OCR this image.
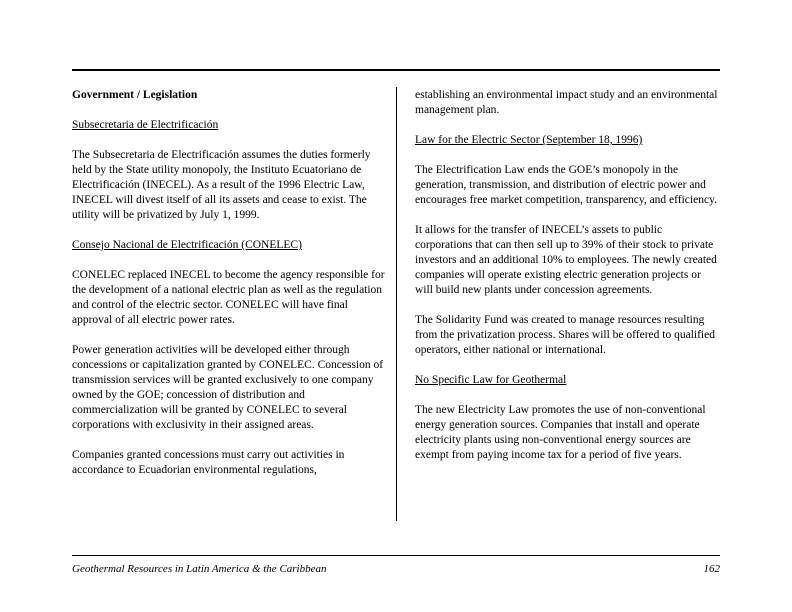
Government / Legislation
Subsecretaria de Electrificación

The Subsecretaria de Electrificación assumes the duties formerly held by the State utility monopoly, the Instituto Ecuatoriano de Electrificación (INECEL). As a result of the 1996 Electric Law, INECEL will divest itself of all its assets and cease to exist. The utility will be privatized by July 1, 1999.

Consejo Nacional de Electrificación (CONELEC)

CONELEC replaced INECEL to become the agency responsible for the development of a national electric plan as well as the regulation and control of the electric sector. CONELEC will have final approval of all electric power rates.

Power generation activities will be developed either through concessions or capitalization granted by CONELEC. Concession of transmission services will be granted exclusively to one company owned by the GOE; concession of distribution and commercialization will be granted by CONELEC to several corporations with exclusivity in their assigned areas.

Companies granted concessions must carry out activities in accordance to Ecuadorian environmental regulations,

establishing an environmental impact study and an environmental management plan.

Law for the Electric Sector (September 18, 1996)

The Electrification Law ends the GOE’s monopoly in the generation, transmission, and distribution of electric power and encourages free market competition, transparency, and efficiency.

It allows for the transfer of INECEL’s assets to public corporations that can then sell up to 39% of their stock to private investors and an additional 10% to employees. The newly created companies will operate existing electric generation projects or will build new plants under concession agreements.

The Solidarity Fund was created to manage resources resulting from the privatization process. Shares will be offered to qualified operators, either national or international.

No Specific Law for Geothermal

The new Electricity Law promotes the use of non-conventional energy generation sources. Companies that install and operate electricity plants using non-conventional energy sources are exempt from paying income tax for a period of five years.

Geothermal Resources in Latin America & the Caribbean	162
